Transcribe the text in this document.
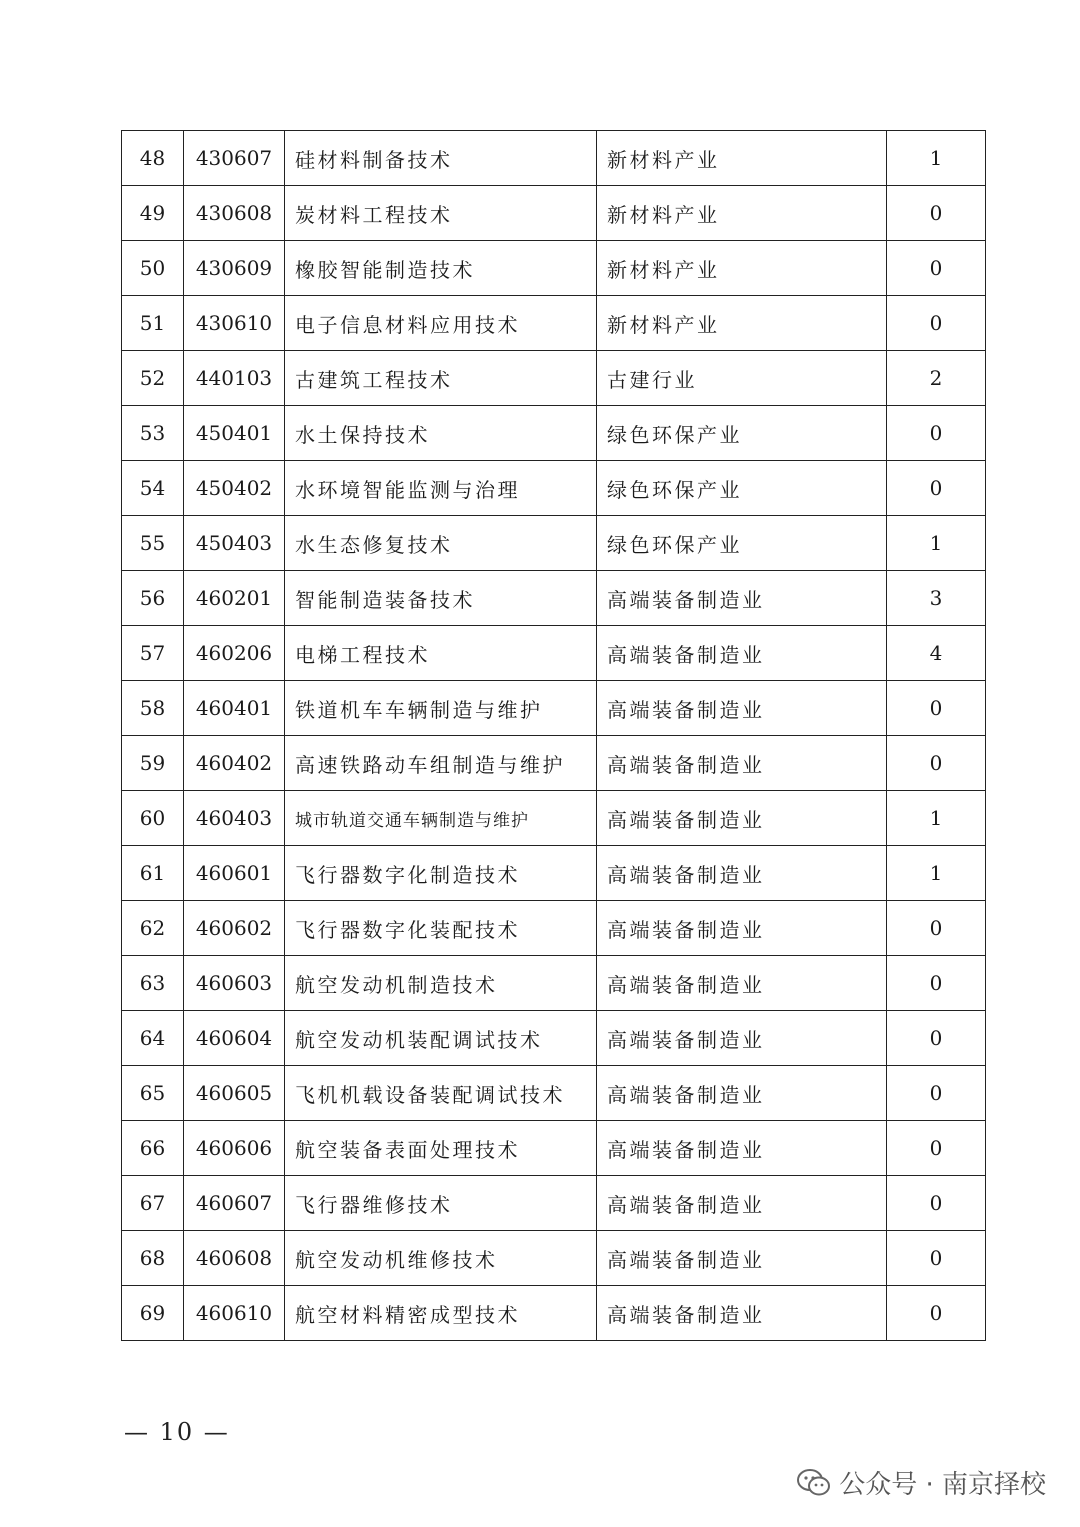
48	430607	硅材料制备技术	新材料产业	1
49	430608	炭材料工程技术	新材料产业	0
50	430609	橡胶智能制造技术	新材料产业	0
51	430610	电子信息材料应用技术	新材料产业	0
52	440103	古建筑工程技术	古建行业	2
53	450401	水土保持技术	绿色环保产业	0
54	450402	水环境智能监测与治理	绿色环保产业	0
55	450403	水生态修复技术	绿色环保产业	1
56	460201	智能制造装备技术	高端装备制造业	3
57	460206	电梯工程技术	高端装备制造业	4
58	460401	铁道机车车辆制造与维护	高端装备制造业	0
59	460402	高速铁路动车组制造与维护	高端装备制造业	0
60	460403	城市轨道交通车辆制造与维护	高端装备制造业	1
61	460601	飞行器数字化制造技术	高端装备制造业	1
62	460602	飞行器数字化装配技术	高端装备制造业	0
63	460603	航空发动机制造技术	高端装备制造业	0
64	460604	航空发动机装配调试技术	高端装备制造业	0
65	460605	飞机机载设备装配调试技术	高端装备制造业	0
66	460606	航空装备表面处理技术	高端装备制造业	0
67	460607	飞行器维修技术	高端装备制造业	0
68	460608	航空发动机维修技术	高端装备制造业	0
69	460610	航空材料精密成型技术	高端装备制造业	0
— 10 —
公众号 · 南京择校
